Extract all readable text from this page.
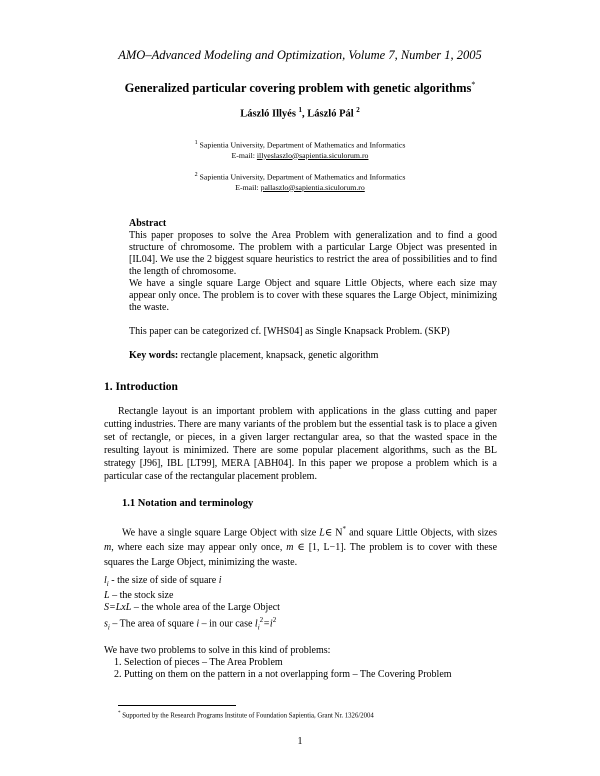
AMO–Advanced Modeling and Optimization, Volume 7, Number 1, 2005
Generalized particular covering problem with genetic algorithms*
László Illyés $^1$, László Pál $^2$
$^1$ Sapientia University, Department of Mathematics and Informatics
E-mail: illyeslaszlo@sapientia.siculorum.ro
$^2$ Sapientia University, Department of Mathematics and Informatics
E-mail: pallaszlo@sapientia.siculorum.ro

Abstract

This paper proposes to solve the Area Problem with generalization and to find a good structure of chromosome. The problem with a particular Large Object was presented in [IL04]. We use the 2 biggest square heuristics to restrict the area of possibilities and to find the length of chromosome.

We have a single square Large Object and square Little Objects, where each size may appear only once. The problem is to cover with these squares the Large Object, minimizing the waste.

This paper can be categorized cf. [WHS04] as Single Knapsack Problem. (SKP)

Key words: rectangle placement, knapsack, genetic algorithm

1. Introduction

Rectangle layout is an important problem with applications in the glass cutting and paper cutting industries. There are many variants of the problem but the essential task is to place a given set of rectangle, or pieces, in a given larger rectangular area, so that the wasted space in the resulting layout is minimized. There are some popular placement algorithms, such as the BL strategy [J96], IBL [LT99], MERA [ABH04]. In this paper we propose a problem which is a particular case of the rectangular placement problem.

1.1 Notation and terminology

We have a single square Large Object with size L∈ N* and square Little Objects, with sizes m, where each size may appear only once, m ∈ [1, L−1]. The problem is to cover with these squares the Large Object, minimizing the waste.

$l_i$ - the size of side of square i
L – the stock size
S=LxL – the whole area of the Large Object
$s_i$ – The area of square i – in our case $l_i^2=i^2$
We have two problems to solve in this kind of problems:
1. Selection of pieces – The Area Problem
2. Putting on them on the pattern in a not overlapping form – The Covering Problem
* Supported by the Research Programs Institute of Foundation Sapientia, Grant Nr. 1326/2004
1
